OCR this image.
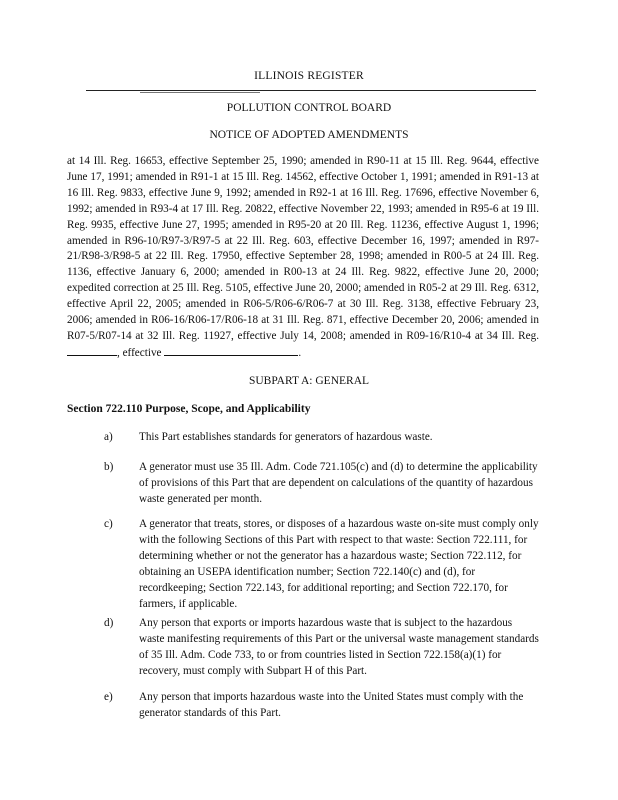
ILLINOIS REGISTER
POLLUTION CONTROL BOARD
NOTICE OF ADOPTED AMENDMENTS
at 14 Ill. Reg. 16653, effective September 25, 1990; amended in R90-11 at 15 Ill. Reg. 9644, effective June 17, 1991; amended in R91-1 at 15 Ill. Reg. 14562, effective October 1, 1991; amended in R91-13 at 16 Ill. Reg. 9833, effective June 9, 1992; amended in R92-1 at 16 Ill. Reg. 17696, effective November 6, 1992; amended in R93-4 at 17 Ill. Reg. 20822, effective November 22, 1993; amended in R95-6 at 19 Ill. Reg. 9935, effective June 27, 1995; amended in R95-20 at 20 Ill. Reg. 11236, effective August 1, 1996; amended in R96-10/R97-3/R97-5 at 22 Ill. Reg. 603, effective December 16, 1997; amended in R97-21/R98-3/R98-5 at 22 Ill. Reg. 17950, effective September 28, 1998; amended in R00-5 at 24 Ill. Reg. 1136, effective January 6, 2000; amended in R00-13 at 24 Ill. Reg. 9822, effective June 20, 2000; expedited correction at 25 Ill. Reg. 5105, effective June 20, 2000; amended in R05-2 at 29 Ill. Reg. 6312, effective April 22, 2005; amended in R06-5/R06-6/R06-7 at 30 Ill. Reg. 3138, effective February 23, 2006; amended in R06-16/R06-17/R06-18 at 31 Ill. Reg. 871, effective December 20, 2006; amended in R07-5/R07-14 at 32 Ill. Reg. 11927, effective July 14, 2008; amended in R09-16/R10-4 at 34 Ill. Reg. , effective	.
SUBPART A: GENERAL
Section 722.110 Purpose, Scope, and Applicability
a) This Part establishes standards for generators of hazardous waste.
b) A generator must use 35 Ill. Adm. Code 721.105(c) and (d) to determine the applicability of provisions of this Part that are dependent on calculations of the quantity of hazardous waste generated per month.
c) A generator that treats, stores, or disposes of a hazardous waste on-site must comply only with the following Sections of this Part with respect to that waste: Section 722.111, for determining whether or not the generator has a hazardous waste; Section 722.112, for obtaining an USEPA identification number; Section 722.140(c) and (d), for recordkeeping; Section 722.143, for additional reporting; and Section 722.170, for farmers, if applicable.
d) Any person that exports or imports hazardous waste that is subject to the hazardous waste manifesting requirements of this Part or the universal waste management standards of 35 Ill. Adm. Code 733, to or from countries listed in Section 722.158(a)(1) for recovery, must comply with Subpart H of this Part.
e) Any person that imports hazardous waste into the United States must comply with the generator standards of this Part.
